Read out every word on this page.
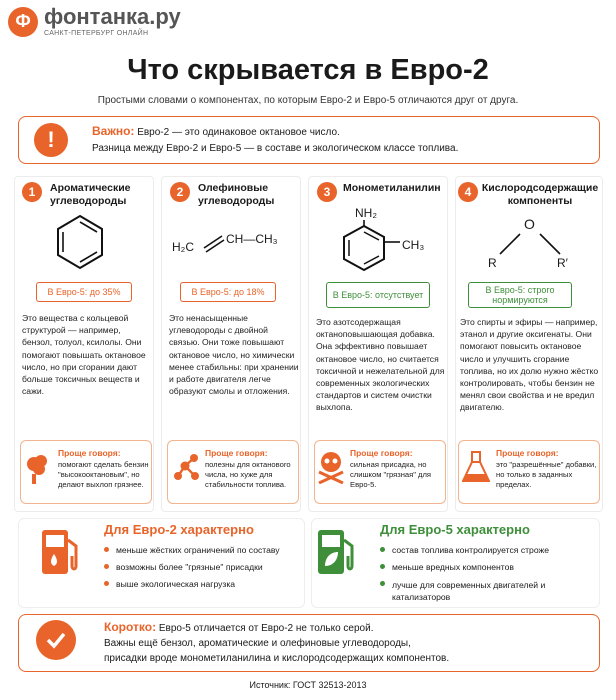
Ф фонтанка.ру
САНКТ-ПЕТЕРБУРГ ОНЛАЙН
Что скрывается в Евро-2
Простыми словами о компонентах, по которым Евро-2 и Евро-5 отличаются друг от друга.
!	Важно: Евро-2 — это одинаковое октановое число.
Разница между Евро-2 и Евро-5 — в составе и экологическом классе топлива.
1	Ароматические углеводороды
В Евро-5: до 35%
Это вещества с кольцевой структурой — например, бензол, толуол, ксилолы. Они помогают повышать октановое число, но при сгорании дают больше токсичных веществ и сажи.
Проще говоря:
помогают сделать бензин "высокооктановым", но делают выхлоп грязнее.
2	Олефиновые углеводороды
H₂C
CH—CH₃
В Евро-5: до 18%
Это ненасыщенные углеводороды с двойной связью. Они тоже повышают октановое число, но химически менее стабильны: при хранении и работе двигателя легче образуют смолы и отложения.
Проще говоря:
полезны для октанового числа, но хуже для стабильности топлива.
3	Монометиланилин
NH₂
CH₃
В Евро-5: отсутствует
Это азотсодержащая октаноповышающая добавка. Она эффективно повышает октановое число, но считается токсичной и нежелательной для современных экологических стандартов и систем очистки выхлопа.
Проще говоря:
сильная присадка, но слишком "грязная" для Евро-5.
4 Кислородсодержащие компоненты
O
R	R′
В Евро-5: строго нормируются
Это спирты и эфиры — например, этанол и другие оксигенаты. Они помогают повысить октановое число и улучшить сгорание топлива, но их долю нужно жёстко контролировать, чтобы бензин не менял свои свойства и не вредил двигателю.
Проще говоря:
это "разрешённые" добавки, но только в заданных пределах.
Для Евро-2 характерно
меньше жёстких ограничений по составу
возможны более "грязные" присадки
выше экологическая нагрузка
Для Евро-5 характерно
состав топлива контролируется строже
меньше вредных компонентов
лучше для современных двигателей и катализаторов
Коротко: Евро-5 отличается от Евро-2 не только серой.
Важны ещё бензол, ароматические и олефиновые углеводороды,
присадки вроде монометиланилина и кислородсодержащих компонентов.
Источник: ГОСТ 32513-2013
